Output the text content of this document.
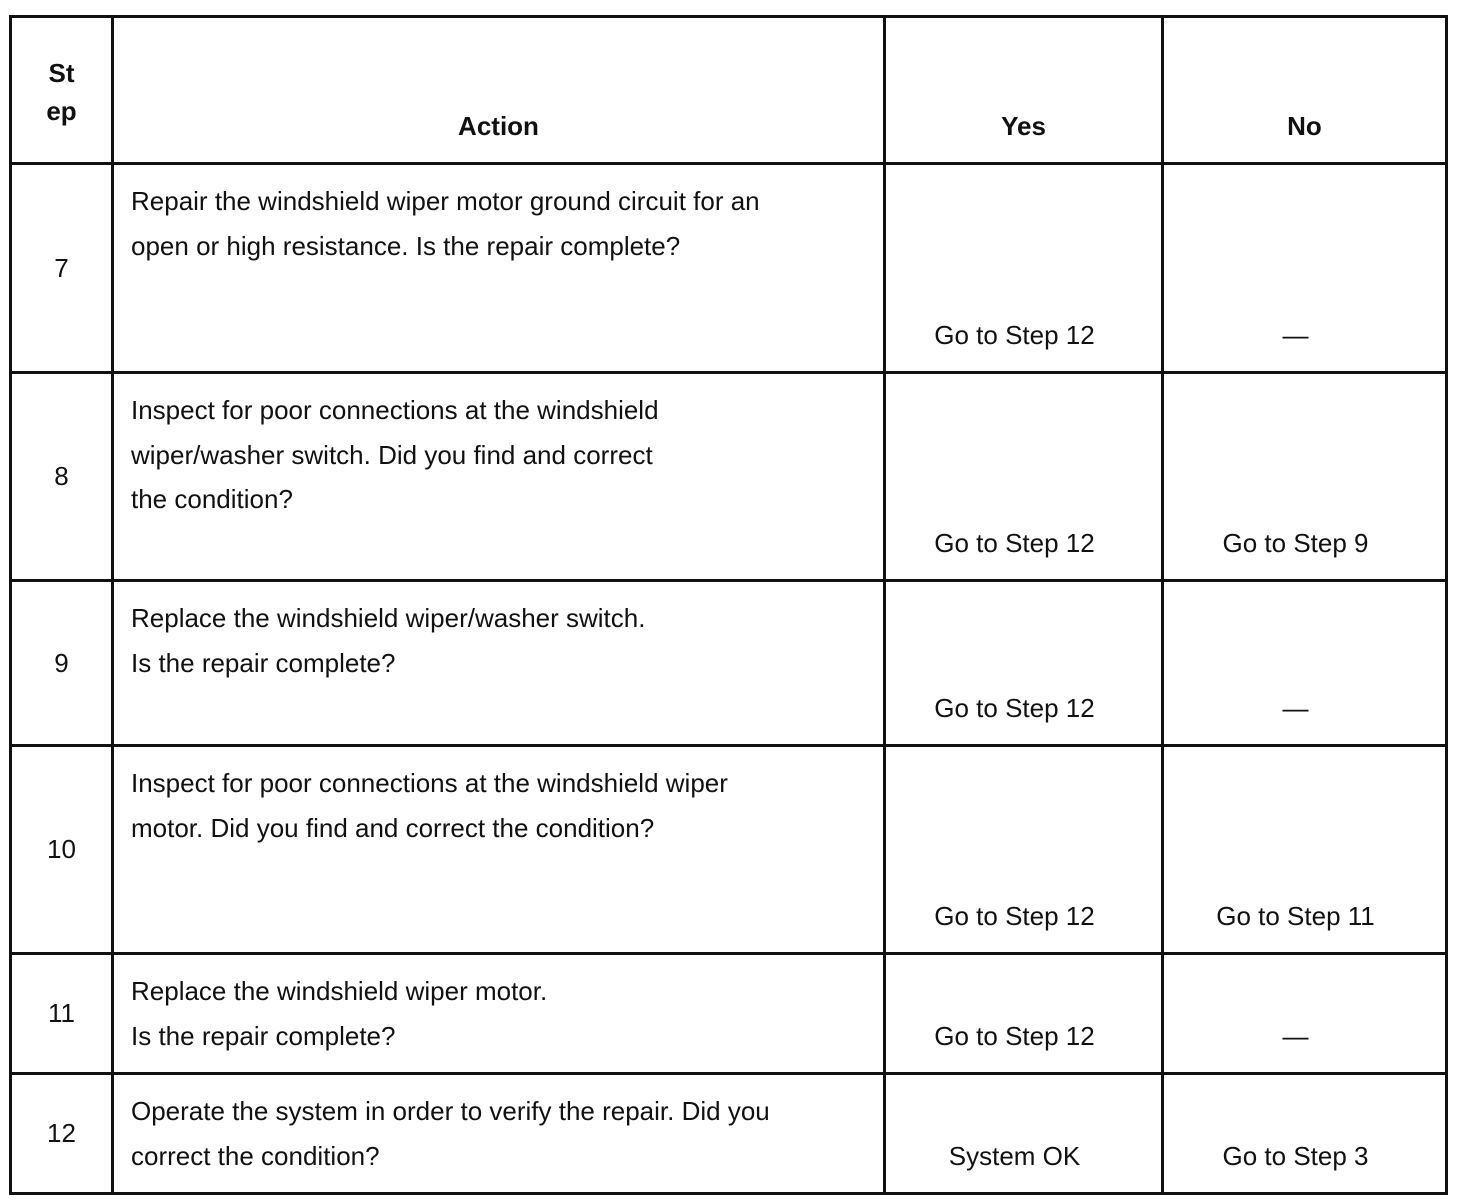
St
ep	Action	Yes	No
7	Repair the windshield wiper motor ground circuit for an
open or high resistance. Is the repair complete?	Go to Step 12	—
8	Inspect for poor connections at the windshield
wiper/washer switch. Did you find and correct
the condition?	Go to Step 12	Go to Step 9
9	Replace the windshield wiper/washer switch.
Is the repair complete?	Go to Step 12	—
10	Inspect for poor connections at the windshield wiper
motor. Did you find and correct the condition?	Go to Step 12	Go to Step 11
11	Replace the windshield wiper motor.
Is the repair complete?	Go to Step 12	—
12	Operate the system in order to verify the repair. Did you
correct the condition?	System OK	Go to Step 3
